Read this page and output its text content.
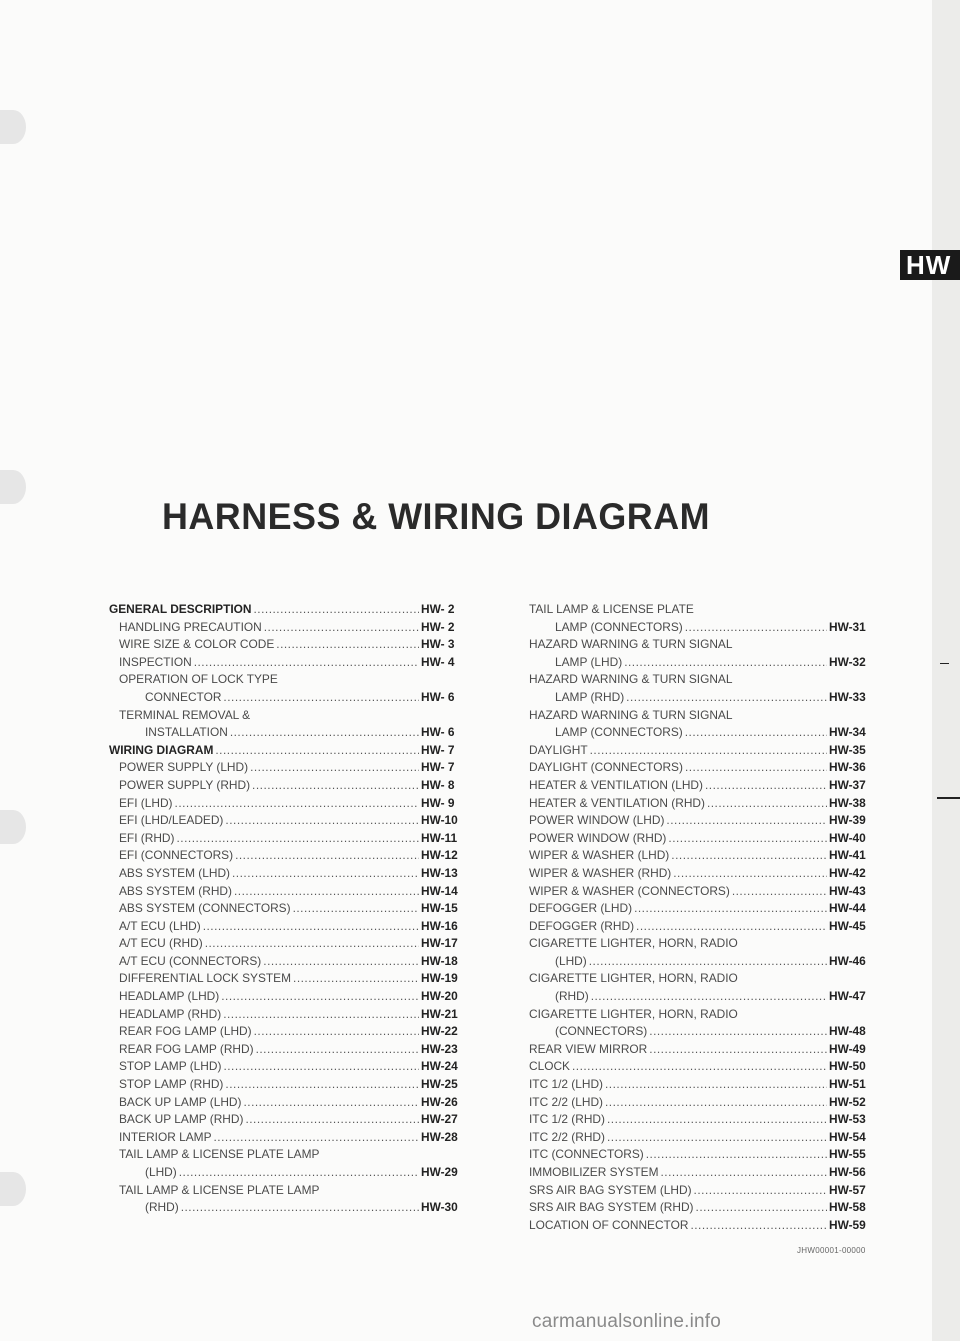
HW
HARNESS & WIRING DIAGRAM
GENERAL DESCRIPTION .....	HW- 2
HANDLING PRECAUTION .....	HW- 2
WIRE SIZE & COLOR CODE .....	HW- 3
INSPECTION .....	HW- 4
OPERATION OF LOCK TYPE
CONNECTOR .....	HW- 6
TERMINAL REMOVAL &
INSTALLATION .....	HW- 6
WIRING DIAGRAM .....	HW- 7
POWER SUPPLY (LHD) .....	HW- 7
POWER SUPPLY (RHD) .....	HW- 8
EFI (LHD) .....	HW- 9
EFI (LHD/LEADED) .....	HW-10
EFI (RHD) .....	HW-11
EFI (CONNECTORS) .....	HW-12
ABS SYSTEM (LHD) .....	HW-13
ABS SYSTEM (RHD) .....	HW-14
ABS SYSTEM (CONNECTORS) .....	HW-15
A/T ECU (LHD) .....	HW-16
A/T ECU (RHD) .....	HW-17
A/T ECU (CONNECTORS) .....	HW-18
DIFFERENTIAL LOCK SYSTEM .....	HW-19
HEADLAMP (LHD) .....	HW-20
HEADLAMP (RHD) .....	HW-21
REAR FOG LAMP (LHD) .....	HW-22
REAR FOG LAMP (RHD) .....	HW-23
STOP LAMP (LHD) .....	HW-24
STOP LAMP (RHD) .....	HW-25
BACK UP LAMP (LHD) .....	HW-26
BACK UP LAMP (RHD) .....	HW-27
INTERIOR LAMP .....	HW-28
TAIL LAMP & LICENSE PLATE LAMP
(LHD) .....	HW-29
TAIL LAMP & LICENSE PLATE LAMP
(RHD) .....	HW-30
TAIL LAMP & LICENSE PLATE
LAMP (CONNECTORS) .....	HW-31
HAZARD WARNING & TURN SIGNAL
LAMP (LHD) .....	HW-32
HAZARD WARNING & TURN SIGNAL
LAMP (RHD) .....	HW-33
HAZARD WARNING & TURN SIGNAL
LAMP (CONNECTORS) .....	HW-34
DAYLIGHT .....	HW-35
DAYLIGHT (CONNECTORS) .....	HW-36
HEATER & VENTILATION (LHD) .....	HW-37
HEATER & VENTILATION (RHD) .....	HW-38
POWER WINDOW (LHD) .....	HW-39
POWER WINDOW (RHD) .....	HW-40
WIPER & WASHER (LHD) .....	HW-41
WIPER & WASHER (RHD) .....	HW-42
WIPER & WASHER (CONNECTORS) .....	HW-43
DEFOGGER (LHD) .....	HW-44
DEFOGGER (RHD) .....	HW-45
CIGARETTE LIGHTER, HORN, RADIO
(LHD) .....	HW-46
CIGARETTE LIGHTER, HORN, RADIO
(RHD) .....	HW-47
CIGARETTE LIGHTER, HORN, RADIO
(CONNECTORS) .....	HW-48
REAR VIEW MIRROR .....	HW-49
CLOCK .....	HW-50
ITC 1/2 (LHD) .....	HW-51
ITC 2/2 (LHD) .....	HW-52
ITC 1/2 (RHD) .....	HW-53
ITC 2/2 (RHD) .....	HW-54
ITC (CONNECTORS) .....	HW-55
IMMOBILIZER SYSTEM .....	HW-56
SRS AIR BAG SYSTEM (LHD) .....	HW-57
SRS AIR BAG SYSTEM (RHD) .....	HW-58
LOCATION OF CONNECTOR .....	HW-59
JHW00001-00000
carmanualsonline.info
